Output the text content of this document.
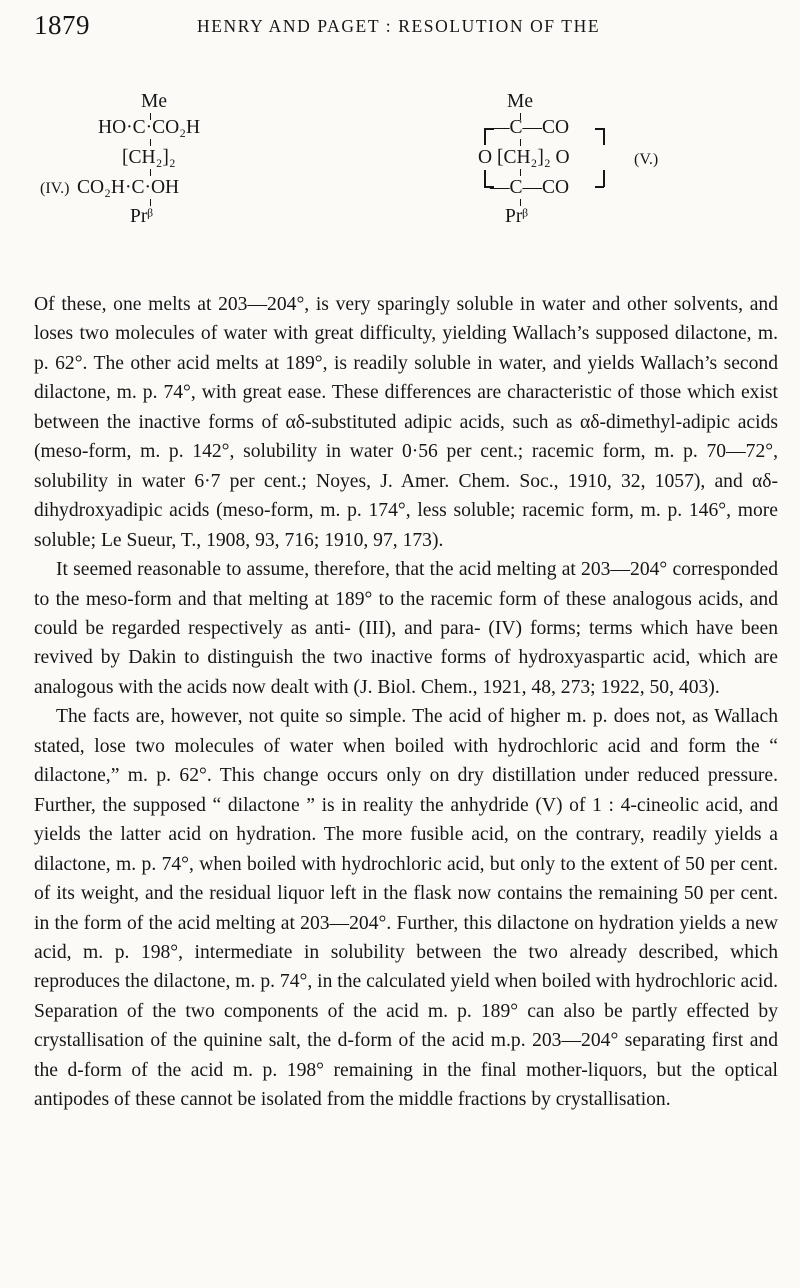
1879	HENRY AND PAGET : RESOLUTION OF THE
(IV.)
Me
HO·C·CO₂H
[CH₂]₂
CO₂H·C·OH
Prᵝ
Me
—C—CO
O [CH₂]₂ O	(V.)
—C—CO
Prᵝ

Of these, one melts at 203—204°, is very sparingly soluble in water and other solvents, and loses two molecules of water with great difficulty, yielding Wallach’s supposed dilactone, m. p. 62°. The other acid melts at 189°, is readily soluble in water, and yields Wallach’s second dilactone, m. p. 74°, with great ease. These differences are characteristic of those which exist between the inactive forms of αδ-substituted adipic acids, such as αδ-dimethyl-adipic acids (meso-form, m. p. 142°, solubility in water 0·56 per cent.; racemic form, m. p. 70—72°, solubility in water 6·7 per cent.; Noyes, J. Amer. Chem. Soc., 1910, 32, 1057), and αδ-dihydroxyadipic acids (meso-form, m. p. 174°, less soluble; racemic form, m. p. 146°, more soluble; Le Sueur, T., 1908, 93, 716; 1910, 97, 173).

It seemed reasonable to assume, therefore, that the acid melting at 203—204° corresponded to the meso-form and that melting at 189° to the racemic form of these analogous acids, and could be regarded respectively as anti- (III), and para- (IV) forms; terms which have been revived by Dakin to distinguish the two inactive forms of hydroxyaspartic acid, which are analogous with the acids now dealt with (J. Biol. Chem., 1921, 48, 273; 1922, 50, 403).

The facts are, however, not quite so simple. The acid of higher m. p. does not, as Wallach stated, lose two molecules of water when boiled with hydrochloric acid and form the “ dilactone,” m. p. 62°. This change occurs only on dry distillation under reduced pressure. Further, the supposed “ dilactone ” is in reality the anhydride (V) of 1 : 4-cineolic acid, and yields the latter acid on hydration. The more fusible acid, on the contrary, readily yields a dilactone, m. p. 74°, when boiled with hydrochloric acid, but only to the extent of 50 per cent. of its weight, and the residual liquor left in the flask now contains the remaining 50 per cent. in the form of the acid melting at 203—204°. Further, this dilactone on hydration yields a new acid, m. p. 198°, intermediate in solubility between the two already described, which reproduces the dilactone, m. p. 74°, in the calculated yield when boiled with hydrochloric acid. Separation of the two components of the acid m. p. 189° can also be partly effected by crystallisation of the quinine salt, the d-form of the acid m.p. 203—204° separating first and the d-form of the acid m. p. 198° remaining in the final mother-liquors, but the optical antipodes of these cannot be isolated from the middle fractions by crystallisation.
